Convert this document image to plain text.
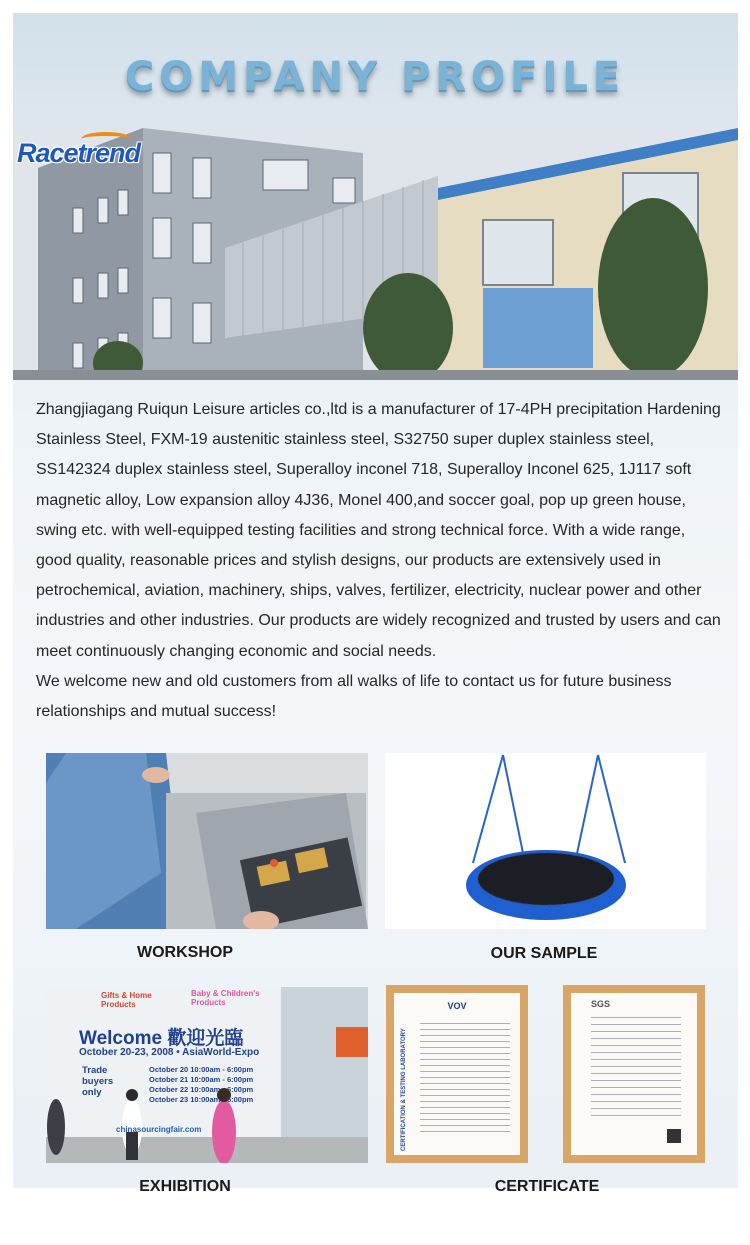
COMPANY PROFILE
Racetrend

Zhangjiagang Ruiqun Leisure articles co.,ltd is a manufacturer of 17-4PH precipitation Hardening Stainless Steel, FXM-19 austenitic stainless steel, S32750 super duplex stainless steel, SS142324 duplex stainless steel, Superalloy inconel 718, Superalloy Inconel 625, 1J117 soft magnetic alloy, Low expansion alloy 4J36, Monel 400,and soccer goal, pop up green house, swing etc. with well-equipped testing facilities and strong technical force. With a wide range, good quality, reasonable prices and stylish designs, our products are extensively used in petrochemical, aviation, machinery, ships, valves, fertilizer, electricity, nuclear power and other industries and other industries. Our products are widely recognized and trusted by users and can meet continuously changing economic and social needs.

We welcome new and old customers from all walks of life to contact us for future business relationships and mutual success!

WORKSHOP	OUR SAMPLE
Gifts & Home Products
Baby & Children's Products
Welcome 歡迎光臨
October 20-23, 2008 • AsiaWorld-Expo
Trade buyers only
October 20 10:00am - 6:00pm
October 21 10:00am - 6:00pm
October 22 10:00am - 6:00pm
October 23 10:00am - 6:00pm
chinasourcingfair.com
EXHIBITION
VOV
CERTIFICATION & TESTING LABORATORY
SGS
CERTIFICATE
